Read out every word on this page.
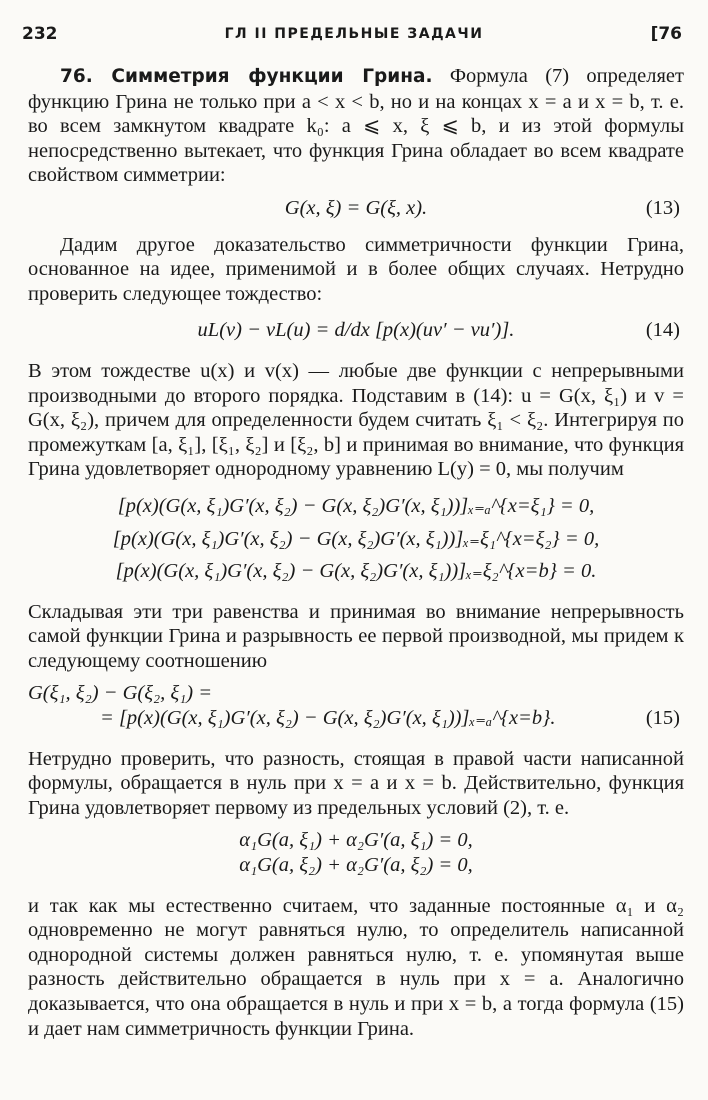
232	ГЛ II ПРЕДЕЛЬНЫЕ ЗАДАЧИ	[76

76. Симметрия функции Грина. Формула (7) определяет функцию Грина не только при a < x < b, но и на концах x = a и x = b, т. е. во всем замкнутом квадрате k₀: a ⩽ x, ξ ⩽ b, и из этой формулы непосредственно вытекает, что функция Грина обладает во всем квадрате свойством симметрии:

G(x, ξ) = G(ξ, x).	(13)

Дадим другое доказательство симметричности функции Грина, основанное на идее, применимой и в более общих случаях. Нетрудно проверить следующее тождество:

uL(v) − vL(u) = d/dx [p(x)(uv′ − vu′)].	(14)

В этом тождестве u(x) и v(x) — любые две функции с непрерывными производными до второго порядка. Подставим в (14): u = G(x, ξ₁) и v = G(x, ξ₂), причем для определенности будем считать ξ₁ < ξ₂. Интегрируя по промежуткам [a, ξ₁], [ξ₁, ξ₂] и [ξ₂, b] и принимая во внимание, что функция Грина удовлетворяет однородному уравнению L(y) = 0, мы получим

[p(x)(G(x, ξ₁)G′(x, ξ₂) − G(x, ξ₂)G′(x, ξ₁))]ₓ₌ₐ^{x=ξ₁} = 0,

[p(x)(G(x, ξ₁)G′(x, ξ₂) − G(x, ξ₂)G′(x, ξ₁))]ₓ₌ξ₁^{x=ξ₂} = 0,

[p(x)(G(x, ξ₁)G′(x, ξ₂) − G(x, ξ₂)G′(x, ξ₁))]ₓ₌ξ₂^{x=b} = 0.

Складывая эти три равенства и принимая во внимание непрерывность самой функции Грина и разрывность ее первой производной, мы придем к следующему соотношению

G(ξ₁, ξ₂) − G(ξ₂, ξ₁) =

= [p(x)(G(x, ξ₁)G′(x, ξ₂) − G(x, ξ₂)G′(x, ξ₁))]ₓ₌ₐ^{x=b}.	(15)

Нетрудно проверить, что разность, стоящая в правой части написанной формулы, обращается в нуль при x = a и x = b. Действительно, функция Грина удовлетворяет первому из предельных условий (2), т. е.

α₁G(a, ξ₁) + α₂G′(a, ξ₁) = 0,

α₁G(a, ξ₂) + α₂G′(a, ξ₂) = 0,

и так как мы естественно считаем, что заданные постоянные α₁ и α₂ одновременно не могут равняться нулю, то определитель написанной однородной системы должен равняться нулю, т. е. упомянутая выше разность действительно обращается в нуль при x = a. Аналогично доказывается, что она обращается в нуль и при x = b, а тогда формула (15) и дает нам симметричность функции Грина.
